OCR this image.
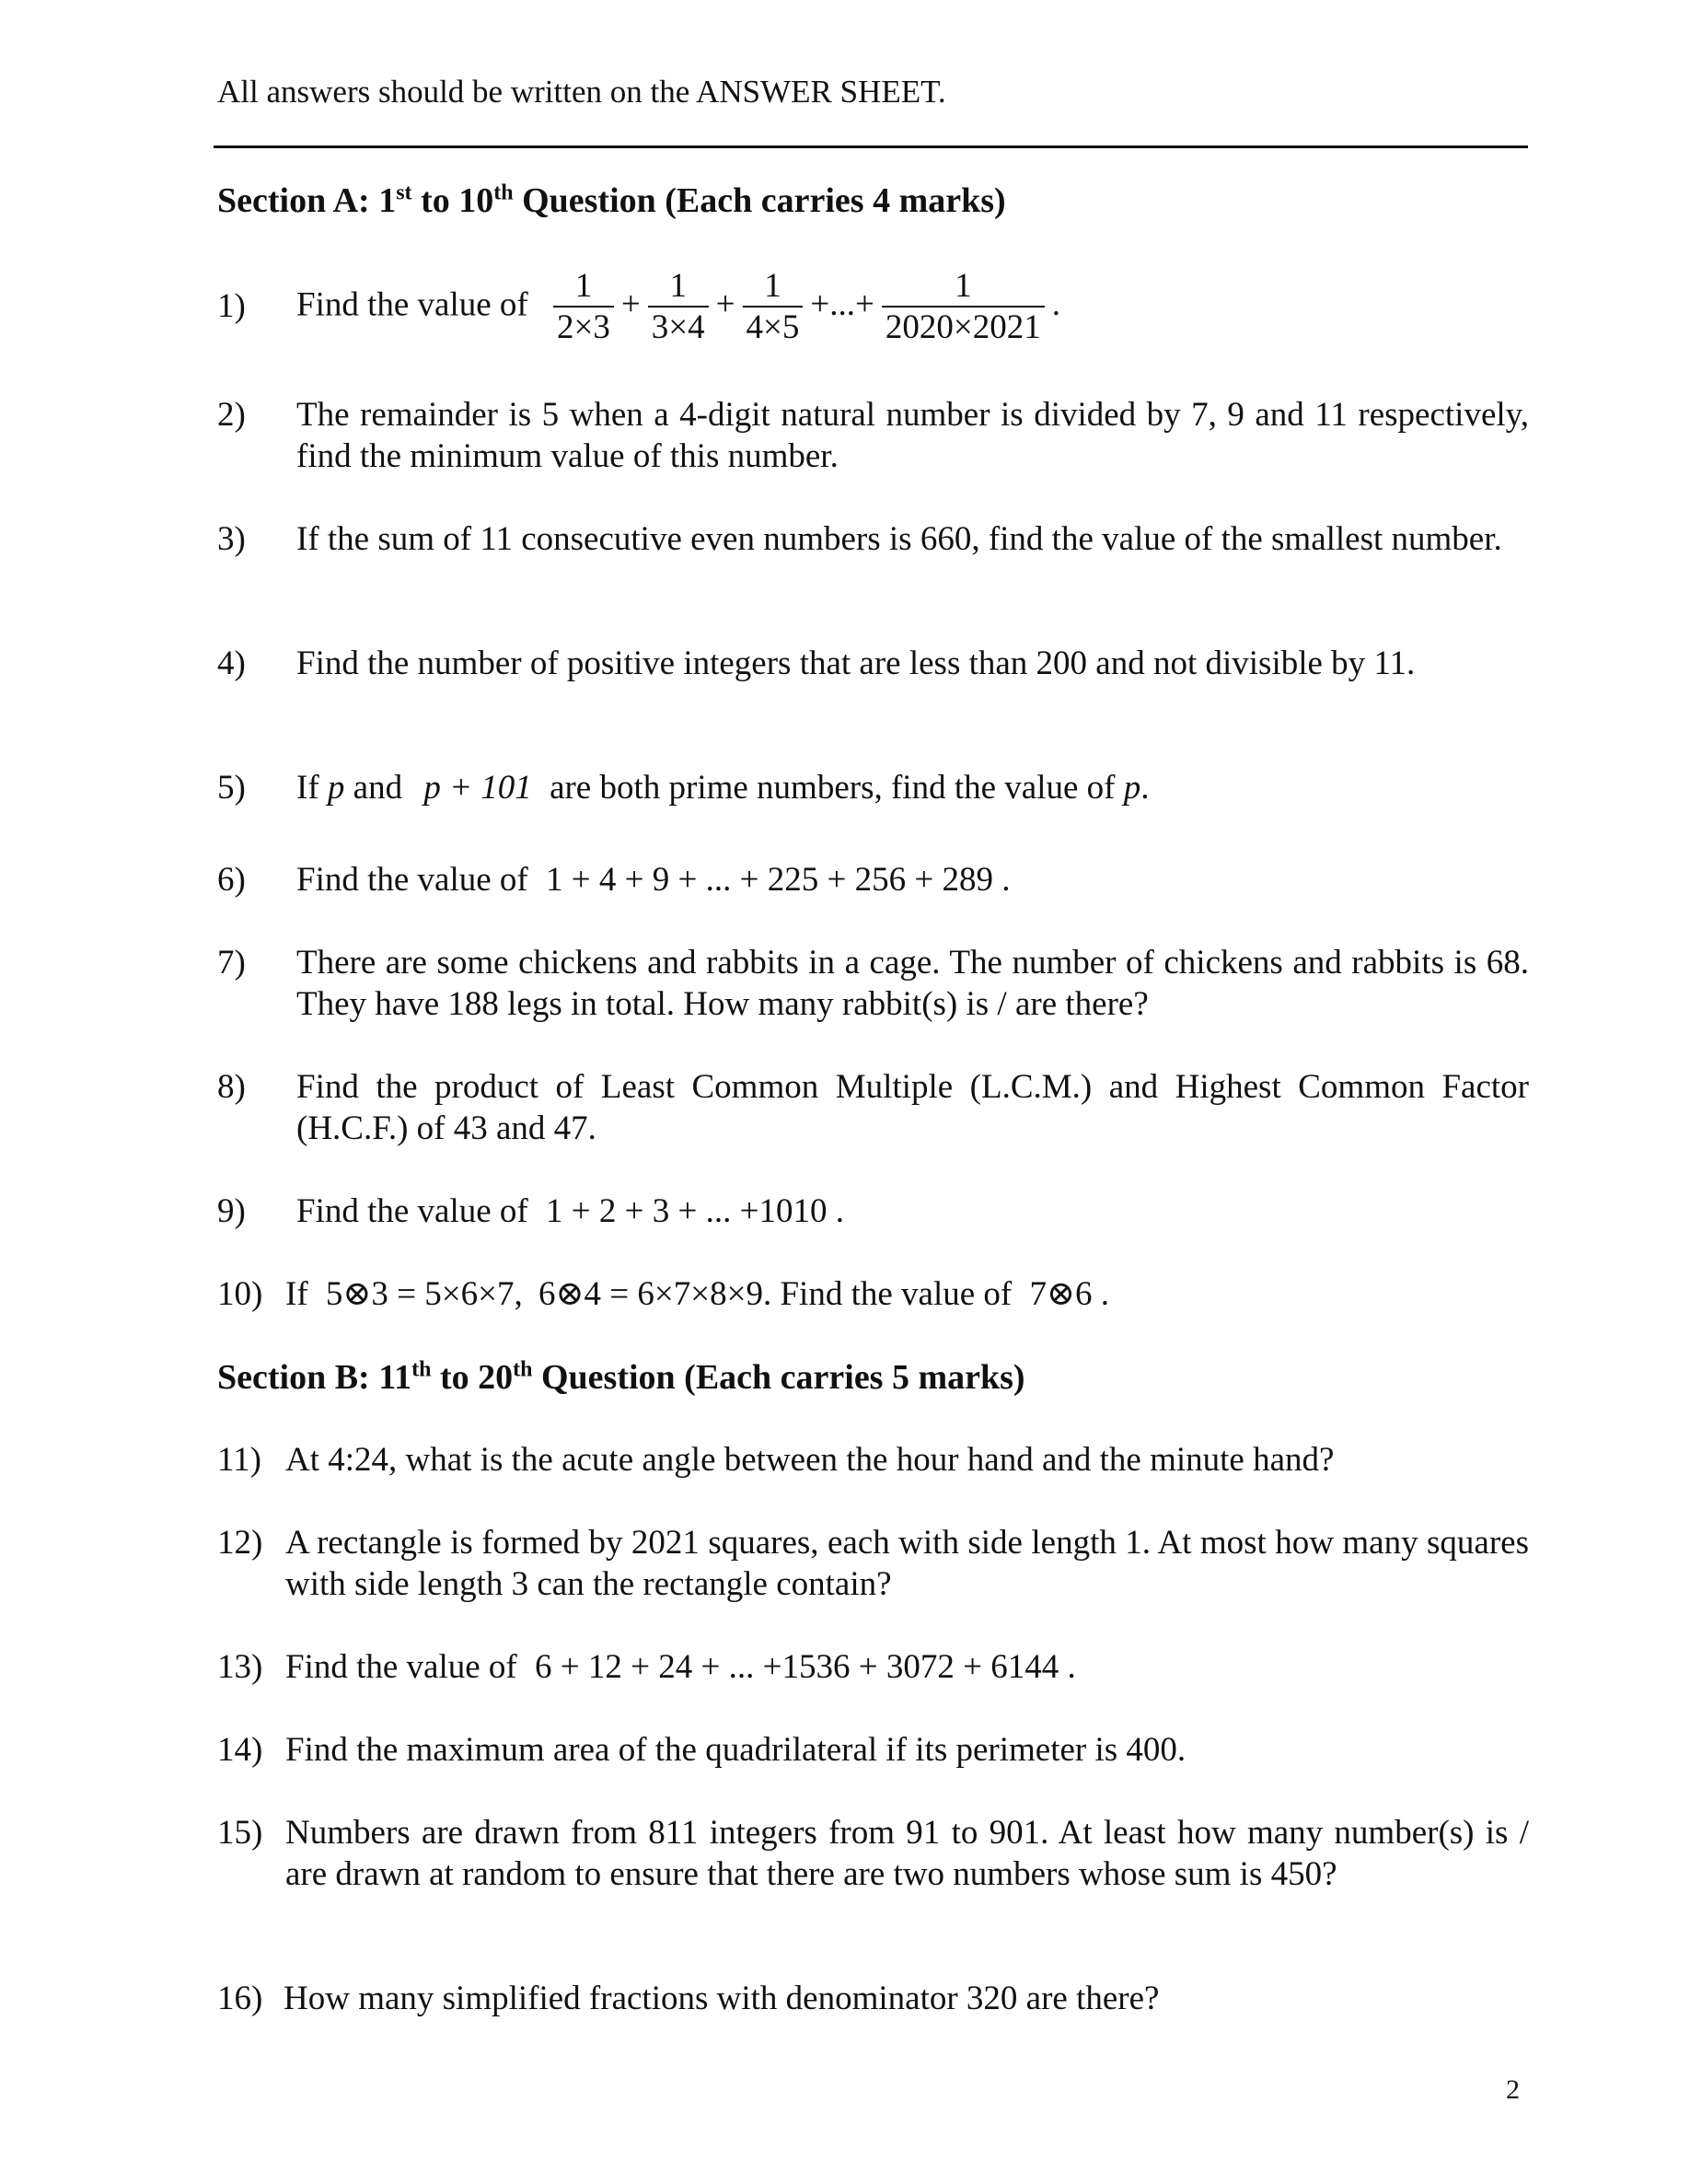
All answers should be written on the ANSWER SHEET.
Section A: 1st to 10th Question (Each carries 4 marks)
1) Find the value of $\frac{1}{2\times 3} + \frac{1}{3\times 4} + \frac{1}{4\times 5}$ +...+ $\frac{1}{2020\times 2021}$ .
2) The remainder is 5 when a 4-digit natural number is divided by 7, 9 and 11 respectively, find the minimum value of this number.
3) If the sum of 11 consecutive even numbers is 660, find the value of the smallest number.
4) Find the number of positive integers that are less than 200 and not divisible by 11.
5) If p and p + 101 are both prime numbers, find the value of p.
6) Find the value of 1 + 4 + 9 + ... + 225 + 256 + 289 .
7) There are some chickens and rabbits in a cage. The number of chickens and rabbits is 68. They have 188 legs in total. How many rabbit(s) is / are there?
8) Find the product of Least Common Multiple (L.C.M.) and Highest Common Factor (H.C.F.) of 43 and 47.
9) Find the value of 1 + 2 + 3 + ... +1010 .
10) If 5⊗3 = 5×6×7, 6⊗4 = 6×7×8×9. Find the value of 7⊗6 .
Section B: 11th to 20th Question (Each carries 5 marks)
11) At 4:24, what is the acute angle between the hour hand and the minute hand?
12) A rectangle is formed by 2021 squares, each with side length 1. At most how many squares with side length 3 can the rectangle contain?
13) Find the value of 6 + 12 + 24 + ... +1536 + 3072 + 6144 .
14) Find the maximum area of the quadrilateral if its perimeter is 400.
15) Numbers are drawn from 811 integers from 91 to 901. At least how many number(s) is / are drawn at random to ensure that there are two numbers whose sum is 450?
16) How many simplified fractions with denominator 320 are there?
2
